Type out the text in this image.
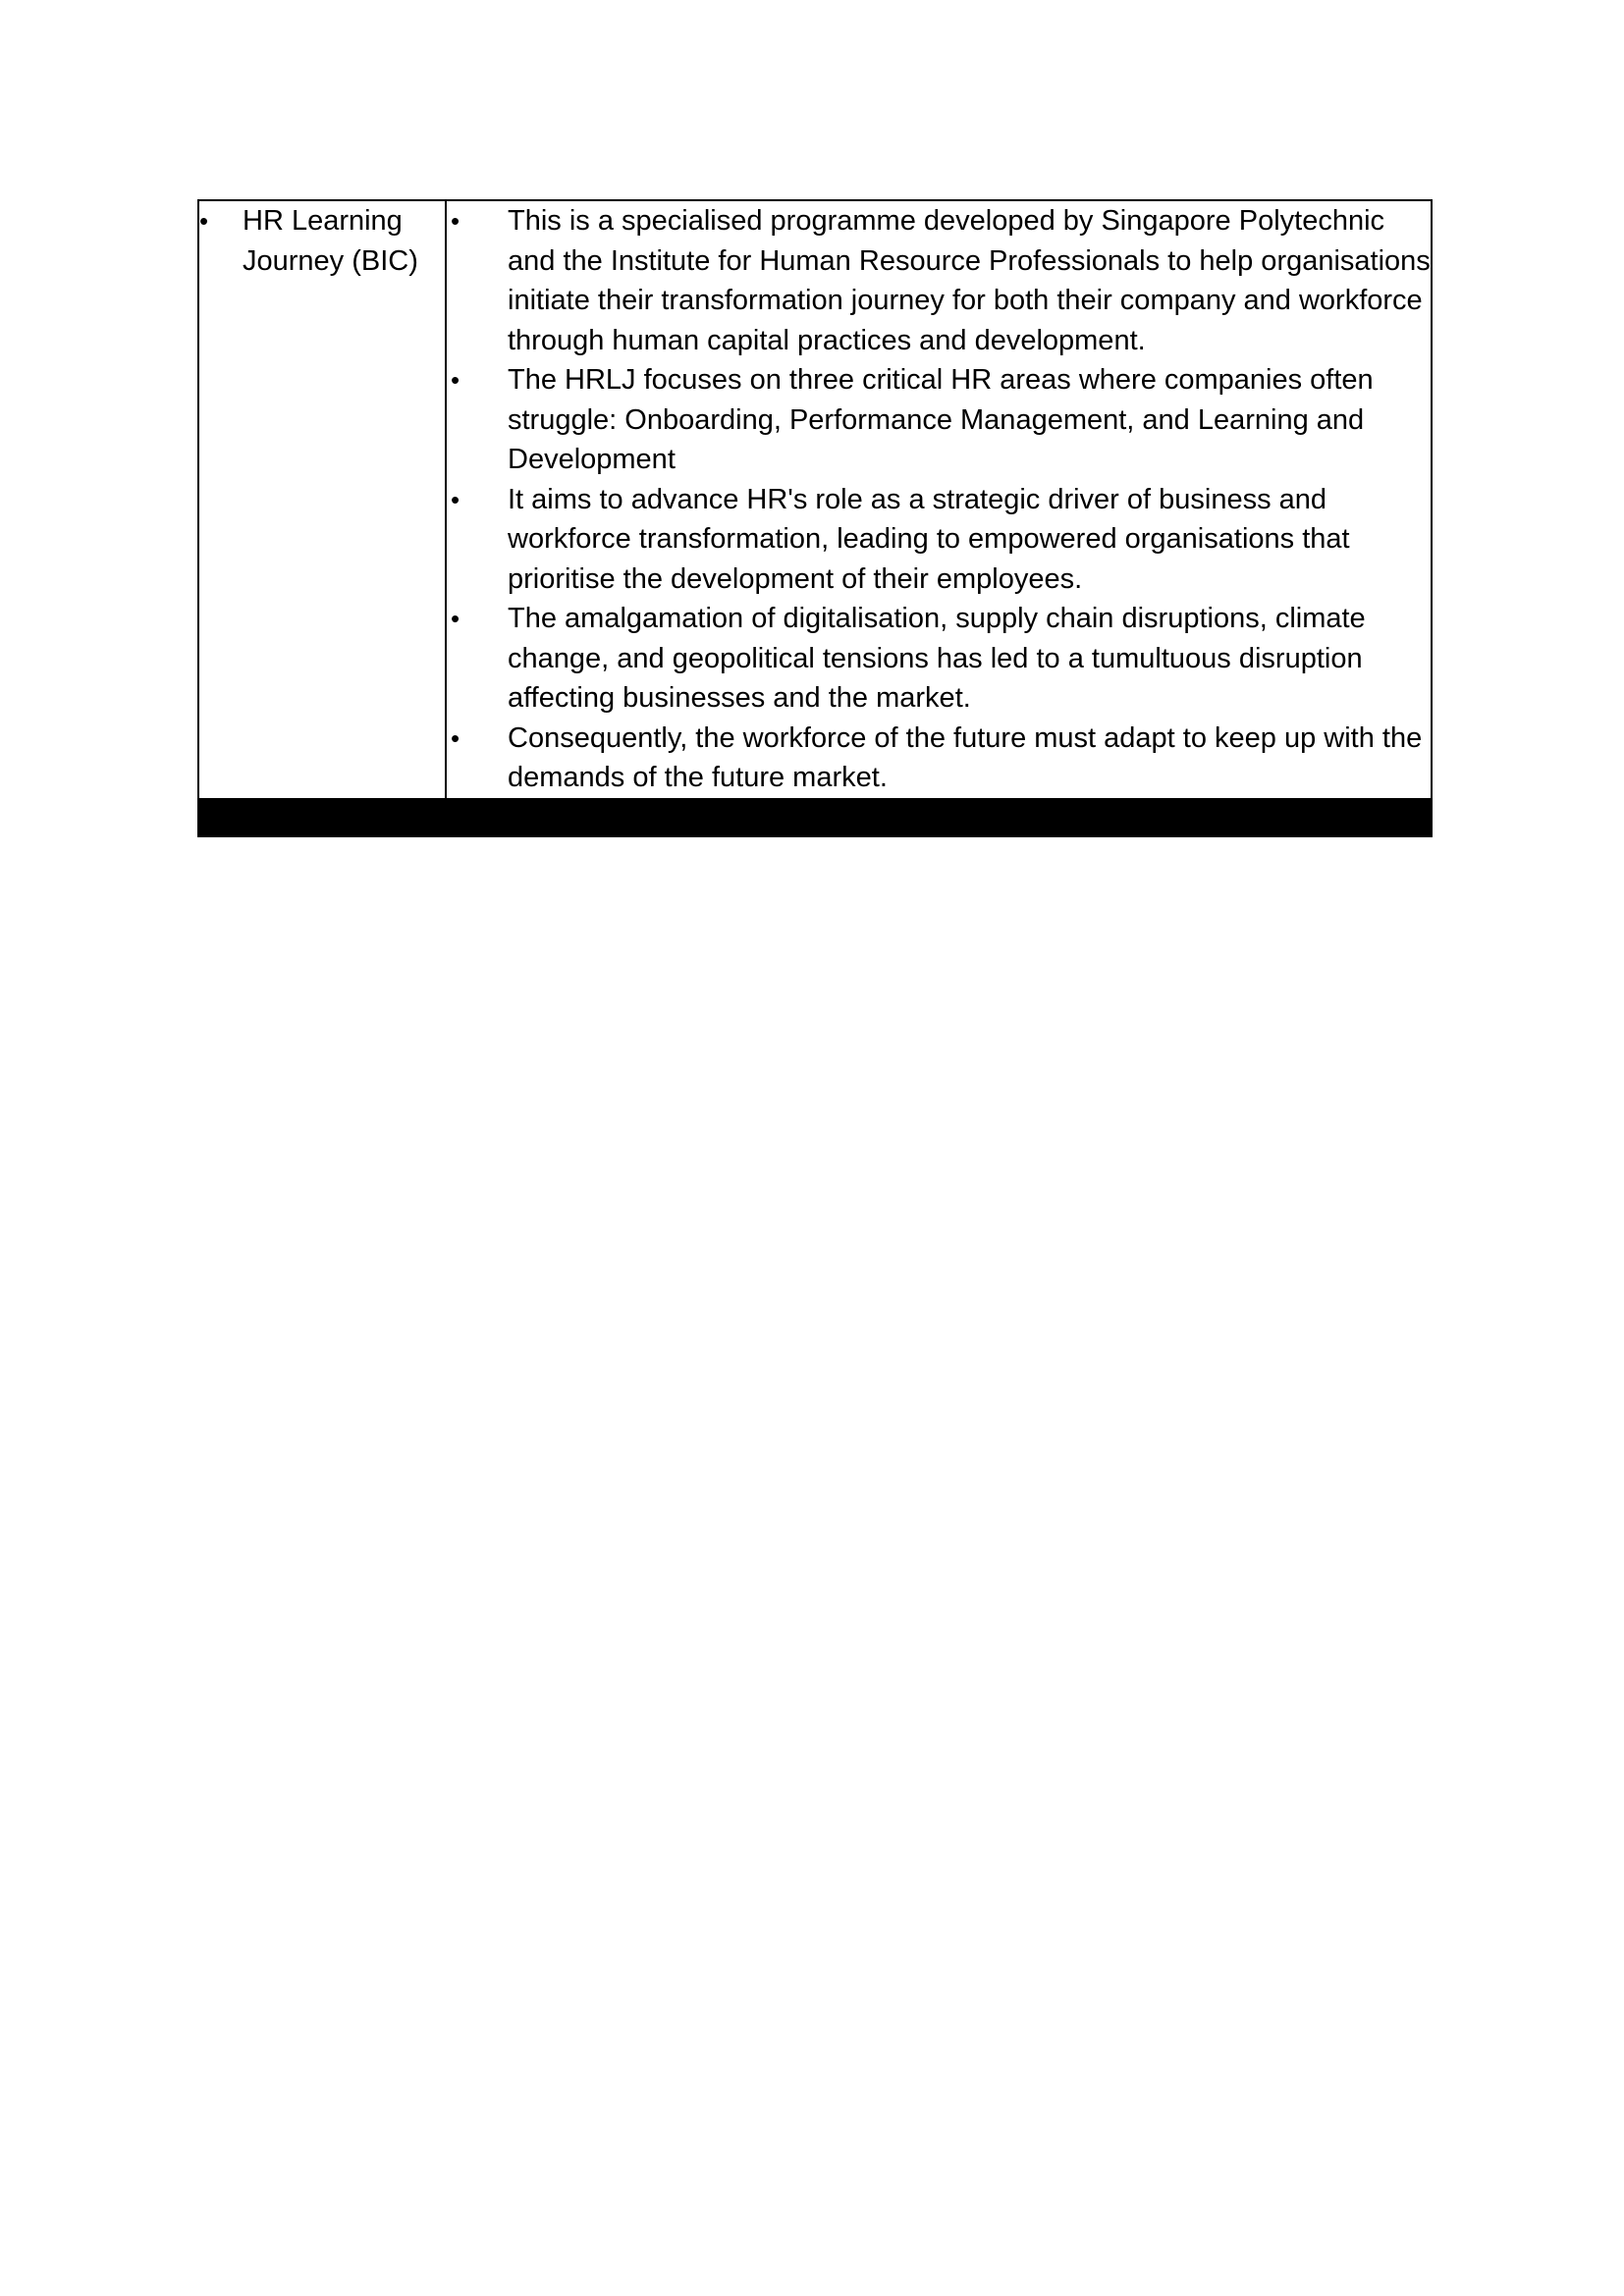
•	HR Learning Journey (BIC)

•	This is a specialised programme developed by Singapore Polytechnic and the Institute for Human Resource Professionals to help organisations initiate their transformation journey for both their company and workforce through human capital practices and development.
•	The HRLJ focuses on three critical HR areas where companies often struggle: Onboarding, Performance Management, and Learning and Development
•	It aims to advance HR's role as a strategic driver of business and workforce transformation, leading to empowered organisations that prioritise the development of their employees.
•	The amalgamation of digitalisation, supply chain disruptions, climate change, and geopolitical tensions has led to a tumultuous disruption affecting businesses and the market.
•	Consequently, the workforce of the future must adapt to keep up with the demands of the future market.
